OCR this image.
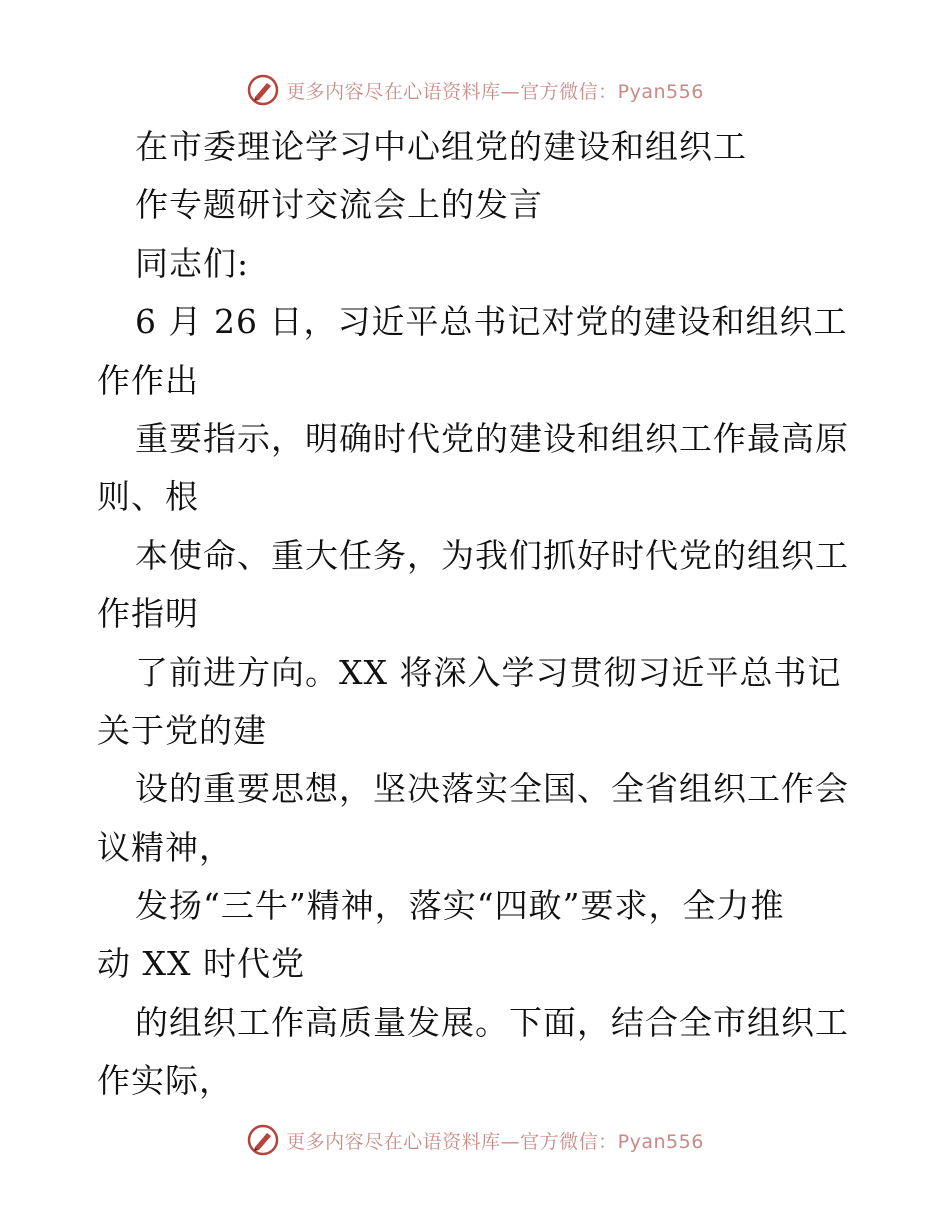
更多内容尽在心语资料库—官方微信：Pyan556
在市委理论学习中心组党的建设和组织工
作专题研讨交流会上的发言
同志们:
6 月 26 日，习近平总书记对党的建设和组织工
作作出
重要指示，明确时代党的建设和组织工作最高原
则、根
本使命、重大任务，为我们抓好时代党的组织工
作指明
了前进方向。XX 将深入学习贯彻习近平总书记
关于党的建
设的重要思想，坚决落实全国、全省组织工作会
议精神，
发扬“三牛”精神，落实“四敢”要求，全力推
动 XX 时代党
的组织工作高质量发展。下面，结合全市组织工
作实际，
更多内容尽在心语资料库—官方微信：Pyan556
